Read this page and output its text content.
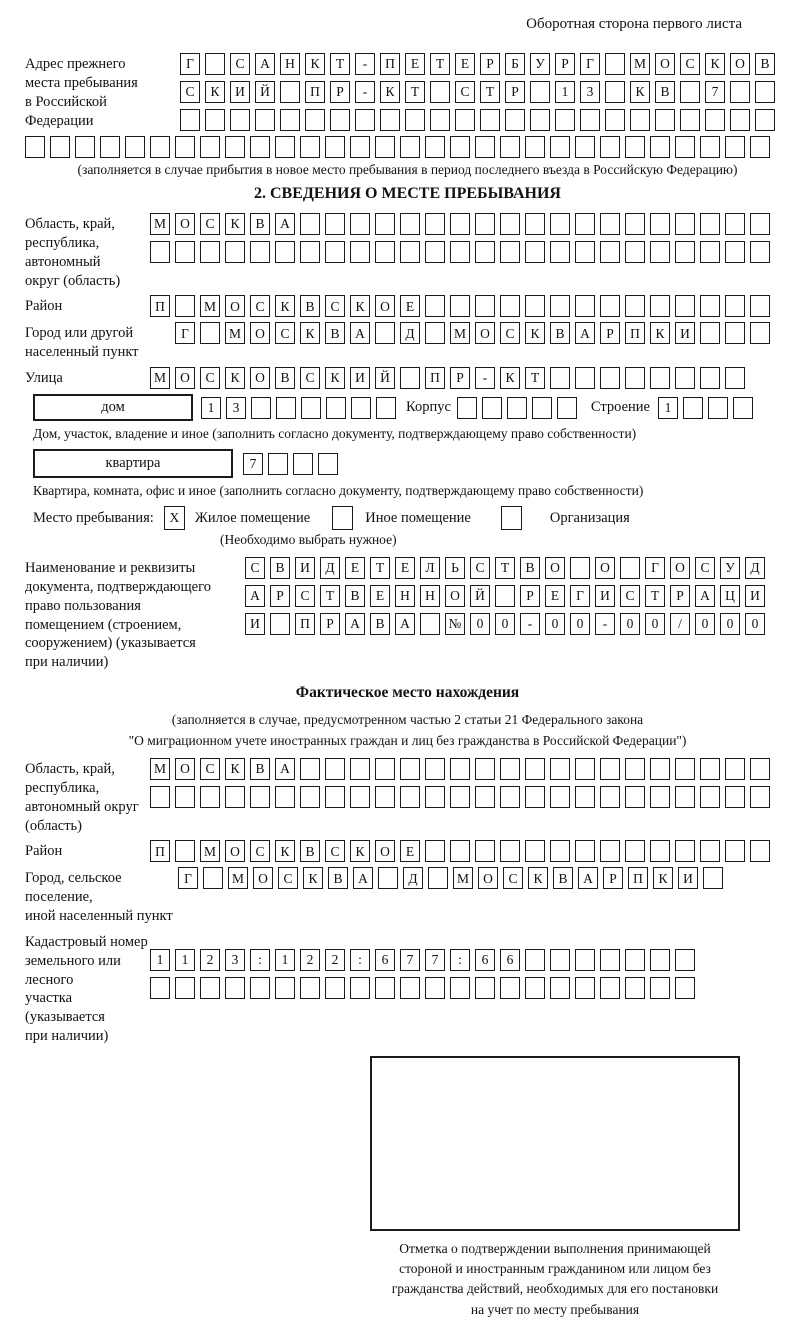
Оборотная сторона первого листа
Адрес прежнего
места пребывания
в Российской
Федерации
Г	С	А	Н	К	Т	-	П	Е	Т	Е	Р	Б	У	Р	Г	М	О	С	К	О	В
С	К	И	Й	П	Р	-	К	Т	С	Т	Р	1	3	К	В	7
(заполняется в случае прибытия в новое место пребывания в период последнего въезда в Российскую Федерацию)
2. СВЕДЕНИЯ О МЕСТЕ ПРЕБЫВАНИЯ
Область, край,
республика,
автономный
округ (область)
М	О	С	К	В	А
Район	П	М	О	С	К	В	С	К	О	Е
Город или другой
населенный пункт
Г	М	О	С	К	В	А	Д	М	О	С	К	В	А	Р	П	К	И
Улица	М	О	С	К	О	В	С	К	И	Й	П	Р	-	К	Т
дом	1	3	Корпус	Строение	1
Дом, участок, владение и иное (заполнить согласно документу, подтверждающему право собственности)
квартира	7
Квартира, комната, офис и иное (заполнить согласно документу, подтверждающему право собственности)
Место пребывания:	X	Жилое помещение	Иное помещение	Организация
(Необходимо выбрать нужное)
Наименование и реквизиты
документа, подтверждающего
право пользования
помещением (строением,
сооружением) (указывается
при наличии)
С	В	И	Д	Е	Т	Е	Л	Ь	С	Т	В	О	О	Г	О	С	У	Д
А	Р	С	Т	В	Е	Н	Н	О	Й	Р	Е	Г	И	С	Т	Р	А	Ц	И
И	П	Р	А	В	А	№	0	0	-	0	0	-	0	0	/	0	0	0
Фактическое место нахождения
(заполняется в случае, предусмотренном частью 2 статьи 21 Федерального закона
"О миграционном учете иностранных граждан и лиц без гражданства в Российской Федерации")
Область, край,
республика,
автономный округ
(область)
М	О	С	К	В	А
Район	П	М	О	С	К	В	С	К	О	Е
Город, сельское поселение,
иной населенный пункт
Г	М	О	С	К	В	А	Д	М	О	С	К	В	А	Р	П	К	И
Кадастровый номер
земельного или лесного
участка (указывается
при наличии)
1	1	2	3	:	1	2	2	:	6	7	7	:	6	6
Отметка о подтверждении выполнения принимающей
стороной и иностранным гражданином или лицом без
гражданства действий, необходимых для его постановки
на учет по месту пребывания
